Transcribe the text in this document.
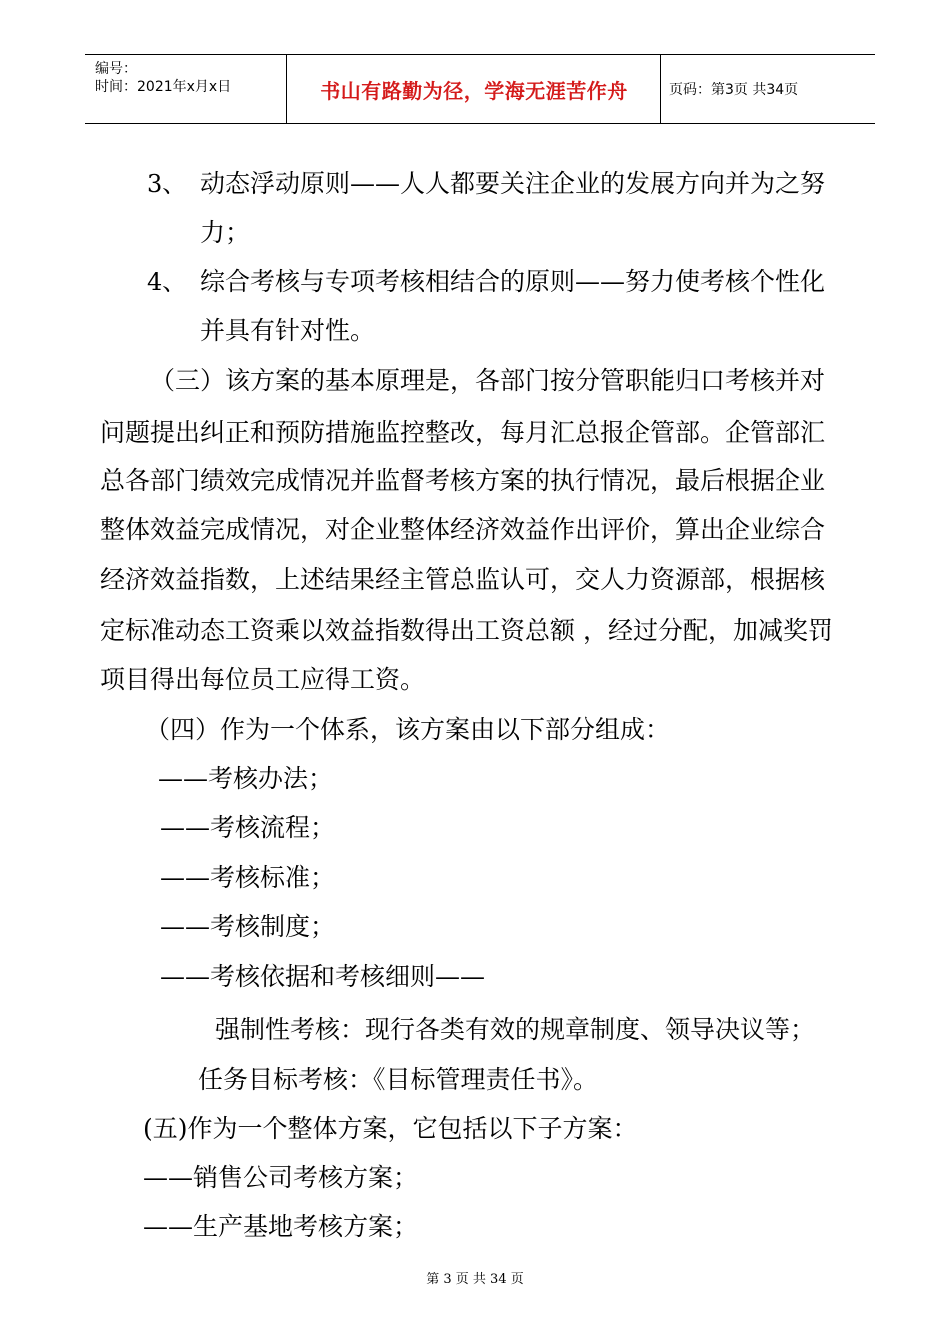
编号：
时间：2021年x月x日	书山有路勤为径，学海无涯苦作舟	页码：第3页 共34页
3、 动态浮动原则——人人都要关注企业的发展方向并为之努
力；
4、 综合考核与专项考核相结合的原则——努力使考核个性化
并具有针对性。
（三）该方案的基本原理是，各部门按分管职能归口考核并对
问题提出纠正和预防措施监控整改，每月汇总报企管部。企管部汇
总各部门绩效完成情况并监督考核方案的执行情况，最后根据企业
整体效益完成情况，对企业整体经济效益作出评价，算出企业综合
经济效益指数，上述结果经主管总监认可，交人力资源部，根据核
定标准动态工资乘以效益指数得出工资总额 ，经过分配，加减奖罚
项目得出每位员工应得工资。
（四）作为一个体系，该方案由以下部分组成：
——考核办法；
——考核流程；
——考核标准；
——考核制度；
——考核依据和考核细则——
强制性考核：现行各类有效的规章制度、领导决议等；
任务目标考核：《目标管理责任书》。
(五)作为一个整体方案，它包括以下子方案：
——销售公司考核方案；
——生产基地考核方案；
第 3 页 共 34 页
